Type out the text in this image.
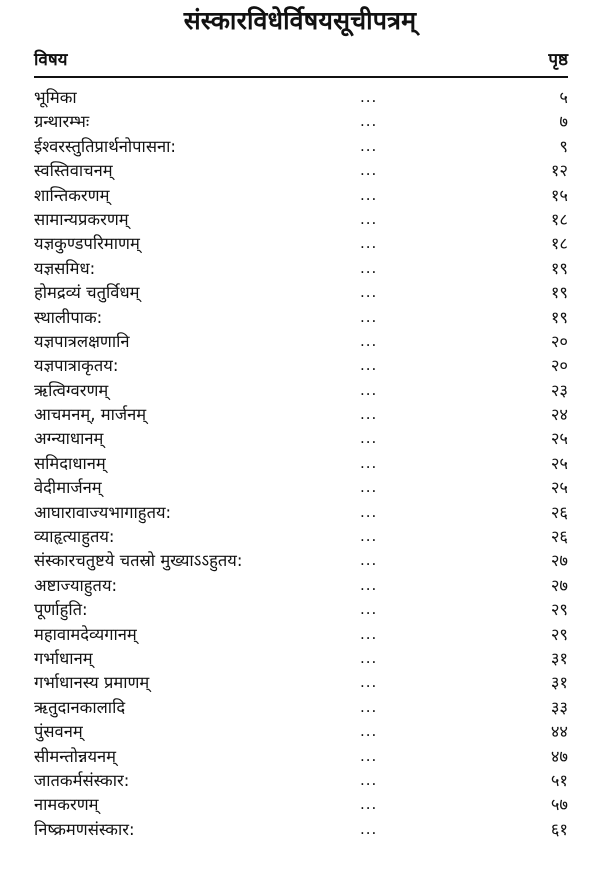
संस्कारविधेर्विषयसूचीपत्रम्
विषय	पृष्ठ
भूमिका	...	५
ग्रन्थारम्भः	...	७
ईश्वरस्तुतिप्रार्थनोपासना:	...	९
स्वस्तिवाचनम्	...	१२
शान्तिकरणम्	...	१५
सामान्यप्रकरणम्	...	१८
यज्ञकुण्डपरिमाणम्	...	१८
यज्ञसमिध:	...	१९
होमद्रव्यं चतुर्विधम्	...	१९
स्थालीपाक:	...	१९
यज्ञपात्रलक्षणानि	...	२०
यज्ञपात्राकृतय:	...	२०
ऋत्विग्वरणम्	...	२३
आचमनम्, मार्जनम्	...	२४
अग्न्याधानम्	...	२५
समिदाधानम्	...	२५
वेदीमार्जनम्	...	२५
आघारावाज्यभागाहुतय:	...	२६
व्याहृत्याहुतय:	...	२६
संस्कारचतुष्टये चतस्रो मुख्याऽऽहुतय:	...	२७
अष्टाज्याहुतय:	...	२७
पूर्णाहुति:	...	२९
महावामदेव्यगानम्	...	२९
गर्भाधानम्	...	३१
गर्भाधानस्य प्रमाणम्	...	३१
ऋतुदानकालादि	...	३३
पुंसवनम्	...	४४
सीमन्तोन्नयनम्	...	४७
जातकर्मसंस्कार:	...	५१
नामकरणम्	...	५७
निष्क्रमणसंस्कार:	...	६१
